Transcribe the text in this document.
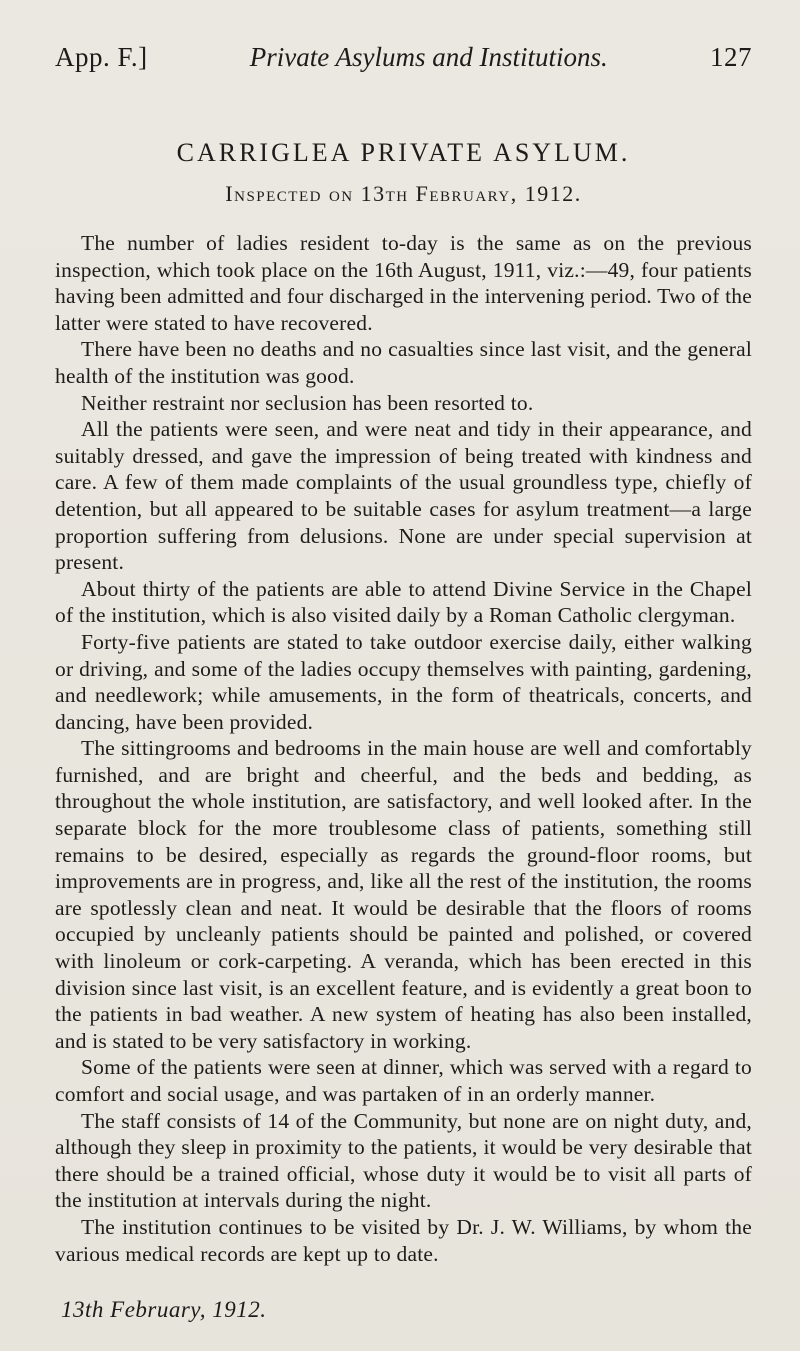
App. F.]	Private Asylums and Institutions.	127
CARRIGLEA PRIVATE ASYLUM.
Inspected on 13th February, 1912.

The number of ladies resident to-day is the same as on the previous inspection, which took place on the 16th August, 1911, viz.:—49, four patients having been admitted and four discharged in the intervening period. Two of the latter were stated to have recovered.

There have been no deaths and no casualties since last visit, and the general health of the institution was good.

Neither restraint nor seclusion has been resorted to.

All the patients were seen, and were neat and tidy in their appearance, and suitably dressed, and gave the impression of being treated with kindness and care. A few of them made complaints of the usual groundless type, chiefly of detention, but all appeared to be suitable cases for asylum treatment—a large proportion suffering from delusions. None are under special supervision at present.

About thirty of the patients are able to attend Divine Service in the Chapel of the institution, which is also visited daily by a Roman Catholic clergyman.

Forty-five patients are stated to take outdoor exercise daily, either walking or driving, and some of the ladies occupy themselves with painting, gardening, and needlework; while amusements, in the form of theatricals, concerts, and dancing, have been provided.

The sittingrooms and bedrooms in the main house are well and comfortably furnished, and are bright and cheerful, and the beds and bedding, as throughout the whole institution, are satisfactory, and well looked after. In the separate block for the more troublesome class of patients, something still remains to be desired, especially as regards the ground-floor rooms, but improvements are in progress, and, like all the rest of the institution, the rooms are spotlessly clean and neat. It would be desirable that the floors of rooms occupied by uncleanly patients should be painted and polished, or covered with linoleum or cork-carpeting. A veranda, which has been erected in this division since last visit, is an excellent feature, and is evidently a great boon to the patients in bad weather. A new system of heating has also been installed, and is stated to be very satisfactory in working.

Some of the patients were seen at dinner, which was served with a regard to comfort and social usage, and was partaken of in an orderly manner.

The staff consists of 14 of the Community, but none are on night duty, and, although they sleep in proximity to the patients, it would be very desirable that there should be a trained official, whose duty it would be to visit all parts of the institution at intervals during the night.

The institution continues to be visited by Dr. J. W. Williams, by whom the various medical records are kept up to date.

13th February, 1912.
